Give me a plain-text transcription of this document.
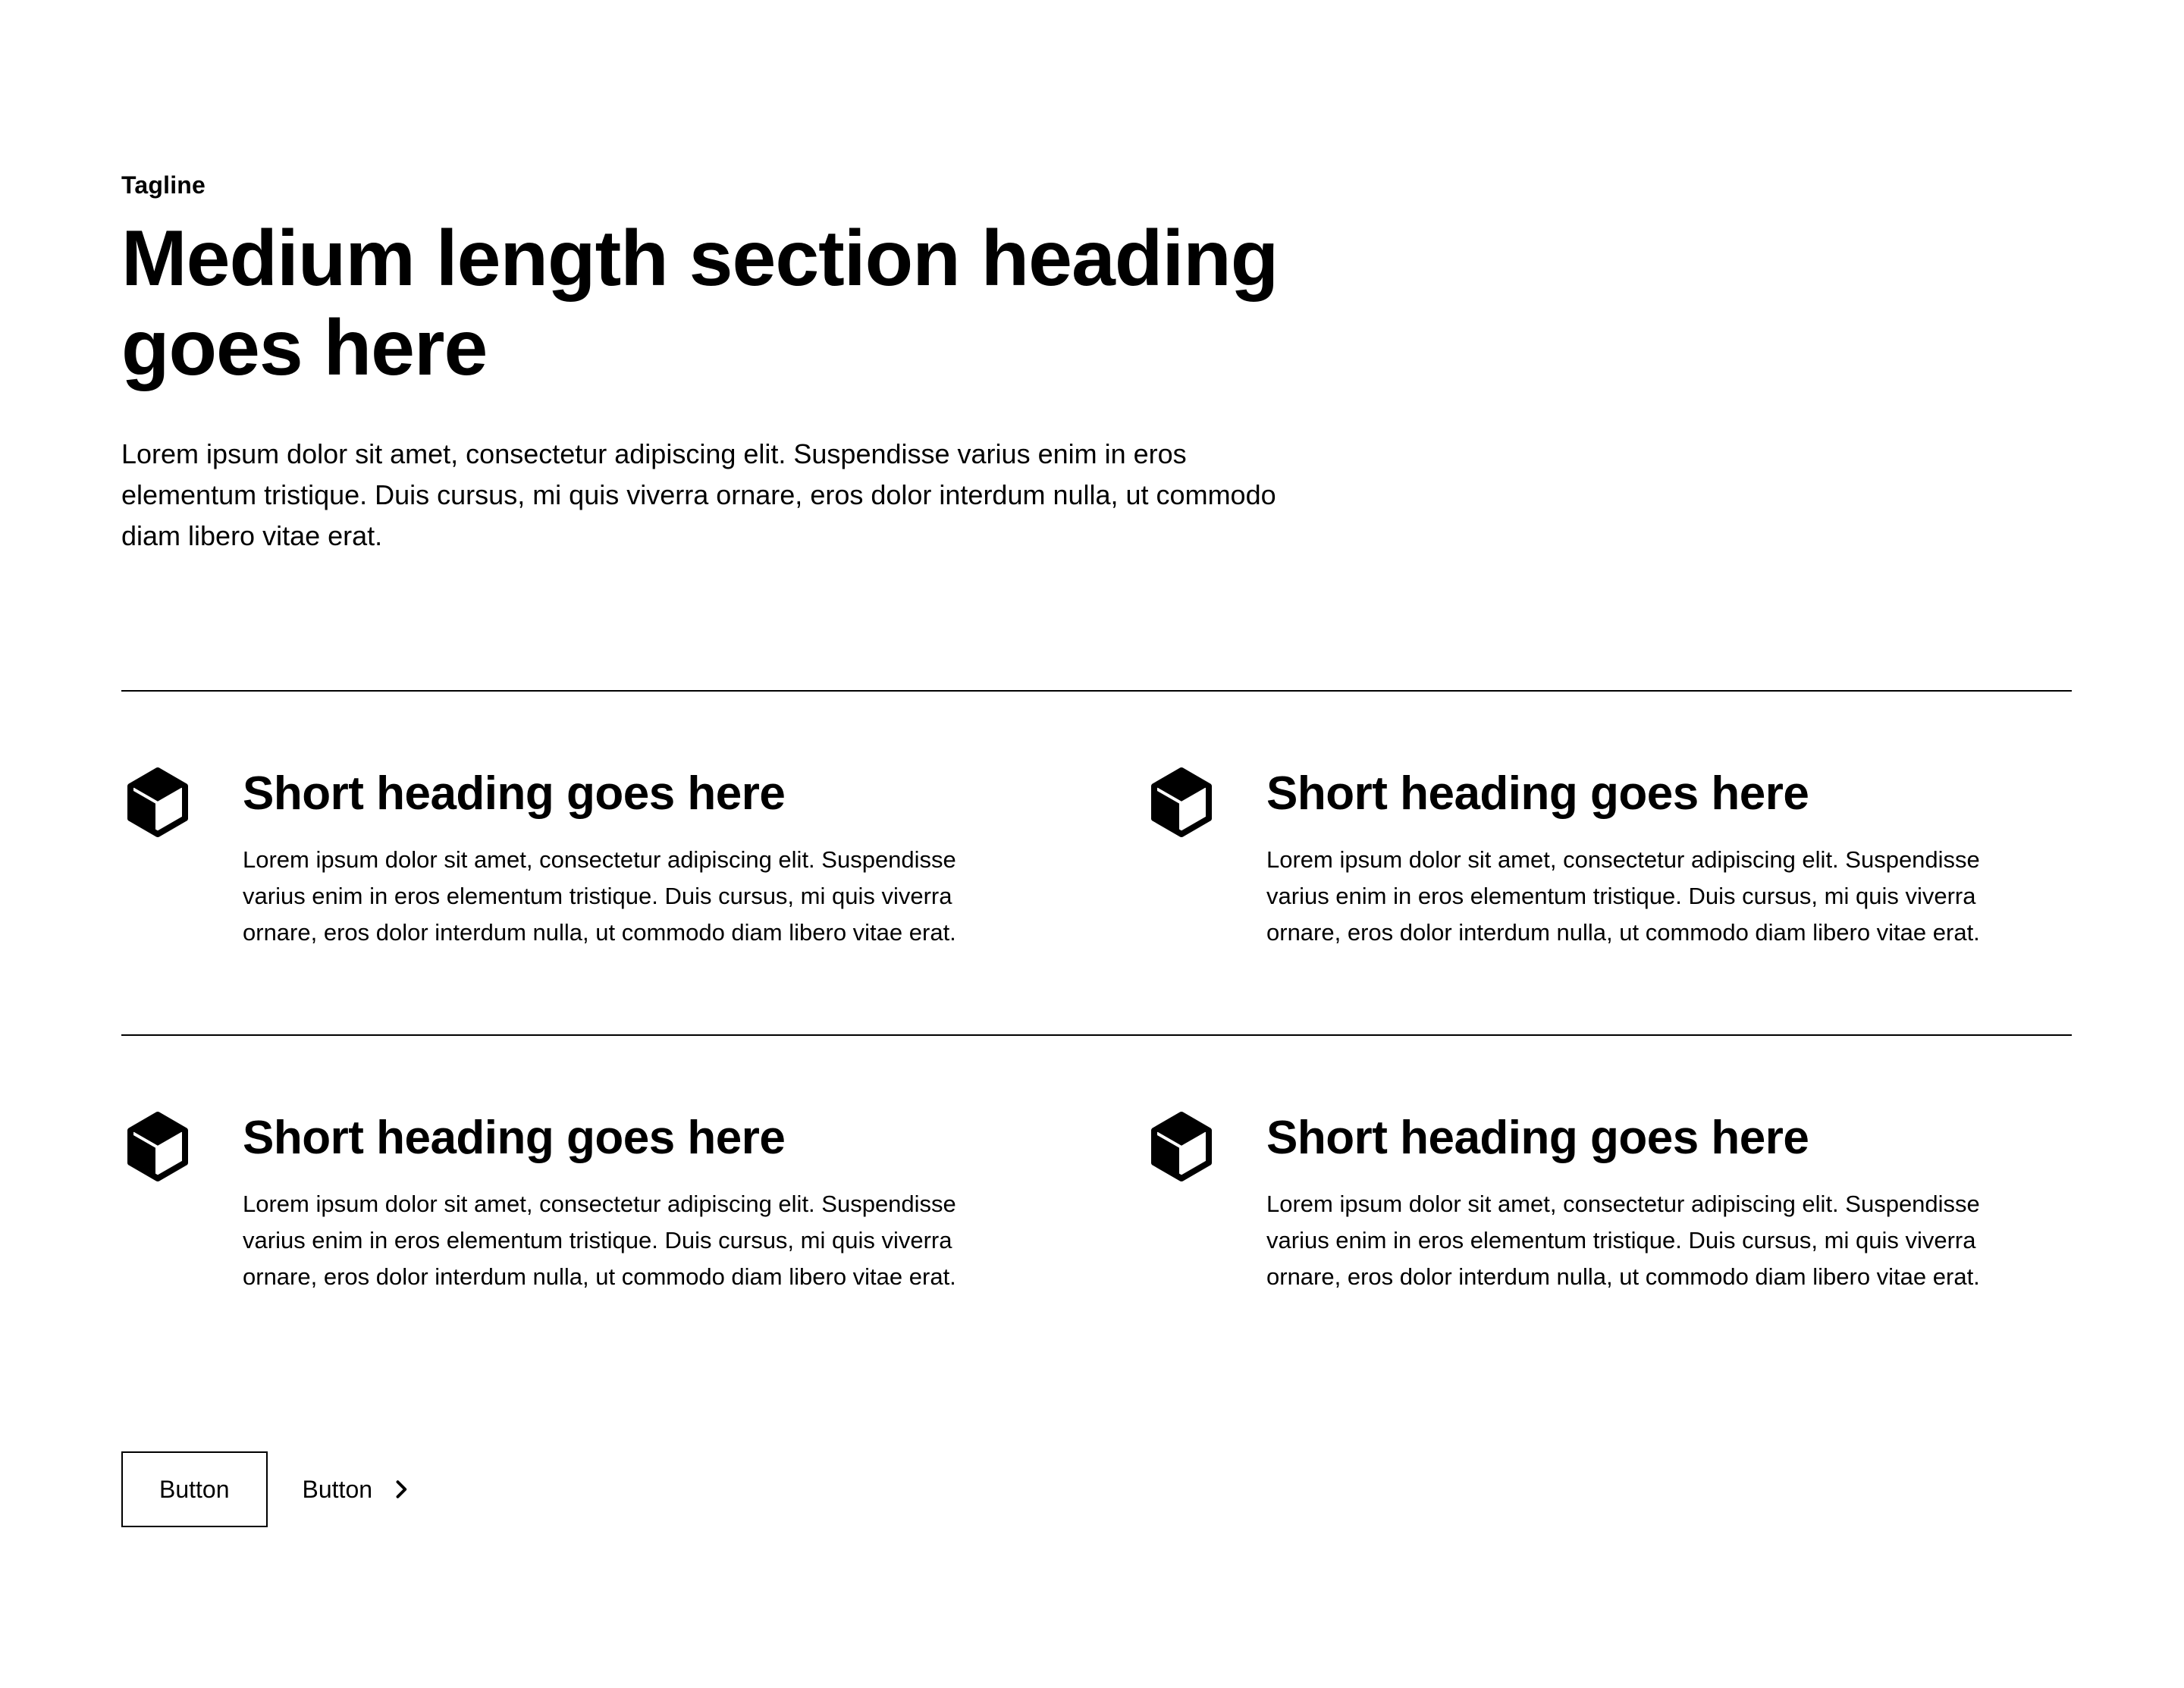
Tagline

Medium length section heading goes here

Lorem ipsum dolor sit amet, consectetur adipiscing elit. Suspendisse varius enim in eros elementum tristique. Duis cursus, mi quis viverra ornare, eros dolor interdum nulla, ut commodo diam libero vitae erat.

Short heading goes here

Lorem ipsum dolor sit amet, consectetur adipiscing elit. Suspendisse varius enim in eros elementum tristique. Duis cursus, mi quis viverra ornare, eros dolor interdum nulla, ut commodo diam libero vitae erat.

Short heading goes here

Lorem ipsum dolor sit amet, consectetur adipiscing elit. Suspendisse varius enim in eros elementum tristique. Duis cursus, mi quis viverra ornare, eros dolor interdum nulla, ut commodo diam libero vitae erat.

Short heading goes here

Lorem ipsum dolor sit amet, consectetur adipiscing elit. Suspendisse varius enim in eros elementum tristique. Duis cursus, mi quis viverra ornare, eros dolor interdum nulla, ut commodo diam libero vitae erat.

Short heading goes here

Lorem ipsum dolor sit amet, consectetur adipiscing elit. Suspendisse varius enim in eros elementum tristique. Duis cursus, mi quis viverra ornare, eros dolor interdum nulla, ut commodo diam libero vitae erat.

Button	Button
